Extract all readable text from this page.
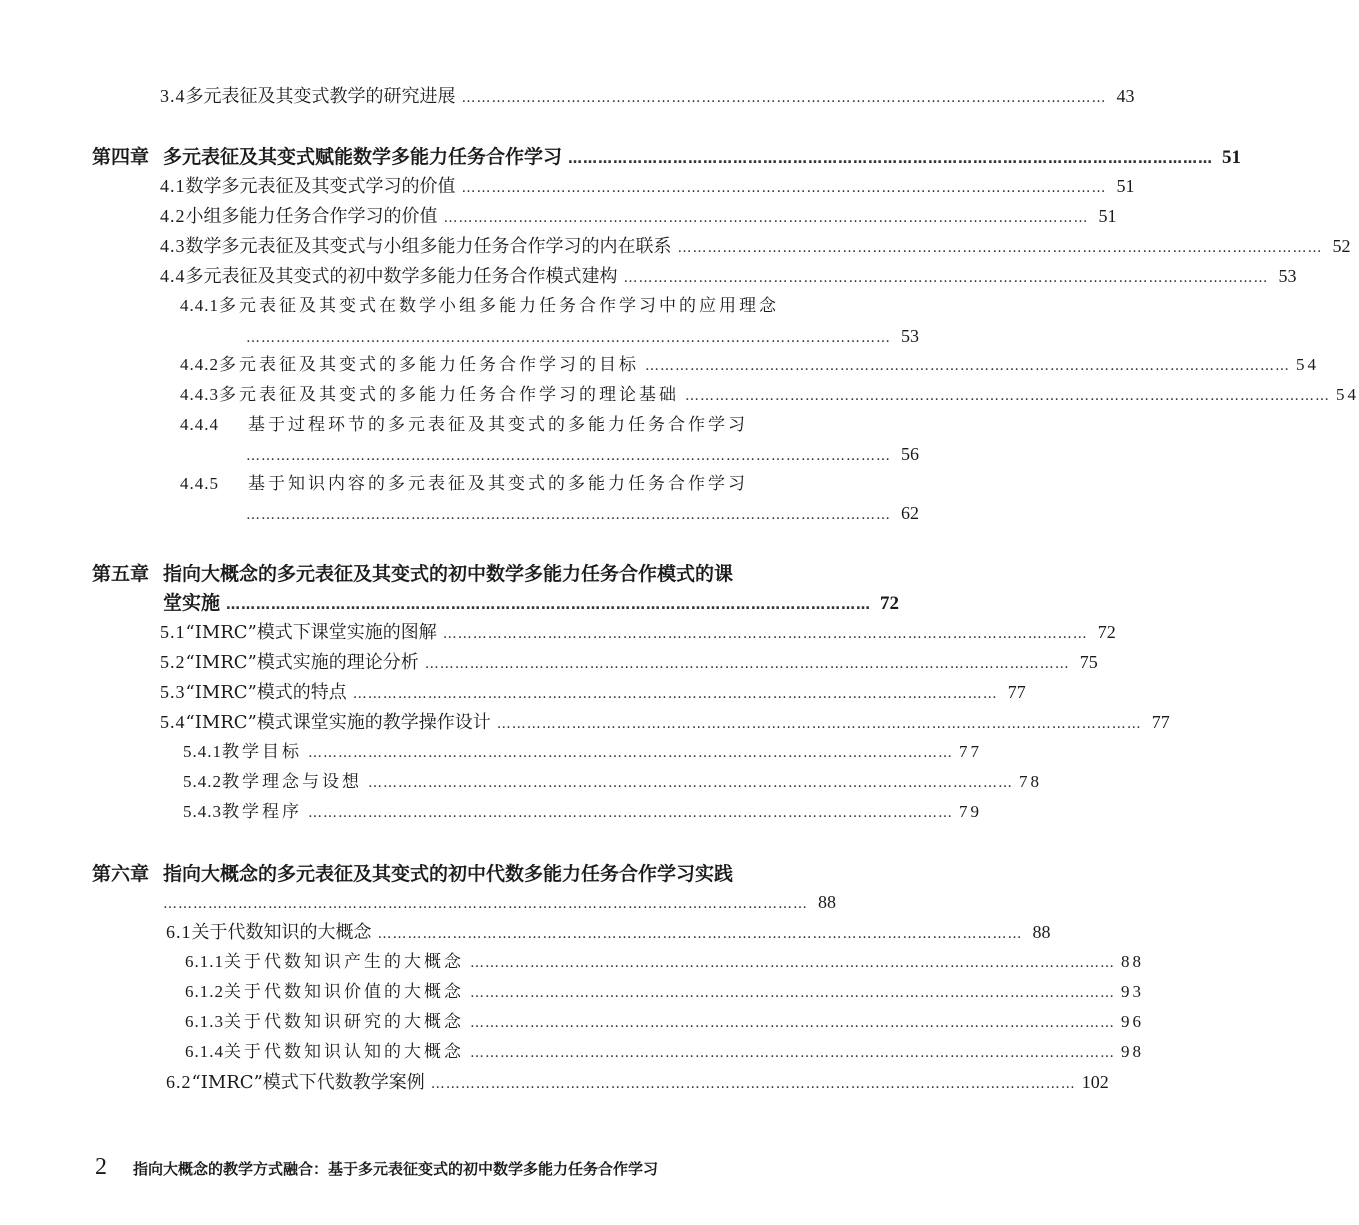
3.4 多元表征及其变式教学的研究进展 ………………………………………………………………………………………………………………… 43
第四章 多元表征及其变式赋能数学多能力任务合作学习 ………………………………………………………………………………………………………………… 51
4.1 数学多元表征及其变式学习的价值 ………………………………………………………………………………………………………………… 51
4.2 小组多能力任务合作学习的价值 ………………………………………………………………………………………………………………… 51
4.3 数学多元表征及其变式与小组多能力任务合作学习的内在联系 ………………………………………………………………………………………………………………… 52
4.4 多元表征及其变式的初中数学多能力任务合作模式建构 ………………………………………………………………………………………………………………… 53
4.4.1 多元表征及其变式在数学小组多能力任务合作学习中的应用理念
………………………………………………………………………………………………………………… 53
4.4.2 多元表征及其变式的多能力任务合作学习的目标 ………………………………………………………………………………………………………………… 54
4.4.3 多元表征及其变式的多能力任务合作学习的理论基础 ………………………………………………………………………………………………………………… 54
4.4.4	基于过程环节的多元表征及其变式的多能力任务合作学习
………………………………………………………………………………………………………………… 56
4.4.5	基于知识内容的多元表征及其变式的多能力任务合作学习
………………………………………………………………………………………………………………… 62
第五章 指向大概念的多元表征及其变式的初中数学多能力任务合作模式的课
堂实施 ………………………………………………………………………………………………………………… 72
5.1 “IMRC”模式下课堂实施的图解 ………………………………………………………………………………………………………………… 72
5.2 “IMRC”模式实施的理论分析 ………………………………………………………………………………………………………………… 75
5.3 “IMRC”模式的特点 ………………………………………………………………………………………………………………… 77
5.4 “IMRC”模式课堂实施的教学操作设计 ………………………………………………………………………………………………………………… 77
5.4.1 教学目标 ………………………………………………………………………………………………………………… 77
5.4.2 教学理念与设想 ………………………………………………………………………………………………………………… 78
5.4.3 教学程序 ………………………………………………………………………………………………………………… 79
第六章 指向大概念的多元表征及其变式的初中代数多能力任务合作学习实践
………………………………………………………………………………………………………………… 88
6.1 关于代数知识的大概念 ………………………………………………………………………………………………………………… 88
6.1.1 关于代数知识产生的大概念 ………………………………………………………………………………………………………………… 88
6.1.2 关于代数知识价值的大概念 ………………………………………………………………………………………………………………… 93
6.1.3 关于代数知识研究的大概念 ………………………………………………………………………………………………………………… 96
6.1.4 关于代数知识认知的大概念 ………………………………………………………………………………………………………………… 98
6.2 “IMRC”模式下代数教学案例 ………………………………………………………………………………………………………………… 102
2 指向大概念的教学方式融合：基于多元表征变式的初中数学多能力任务合作学习
